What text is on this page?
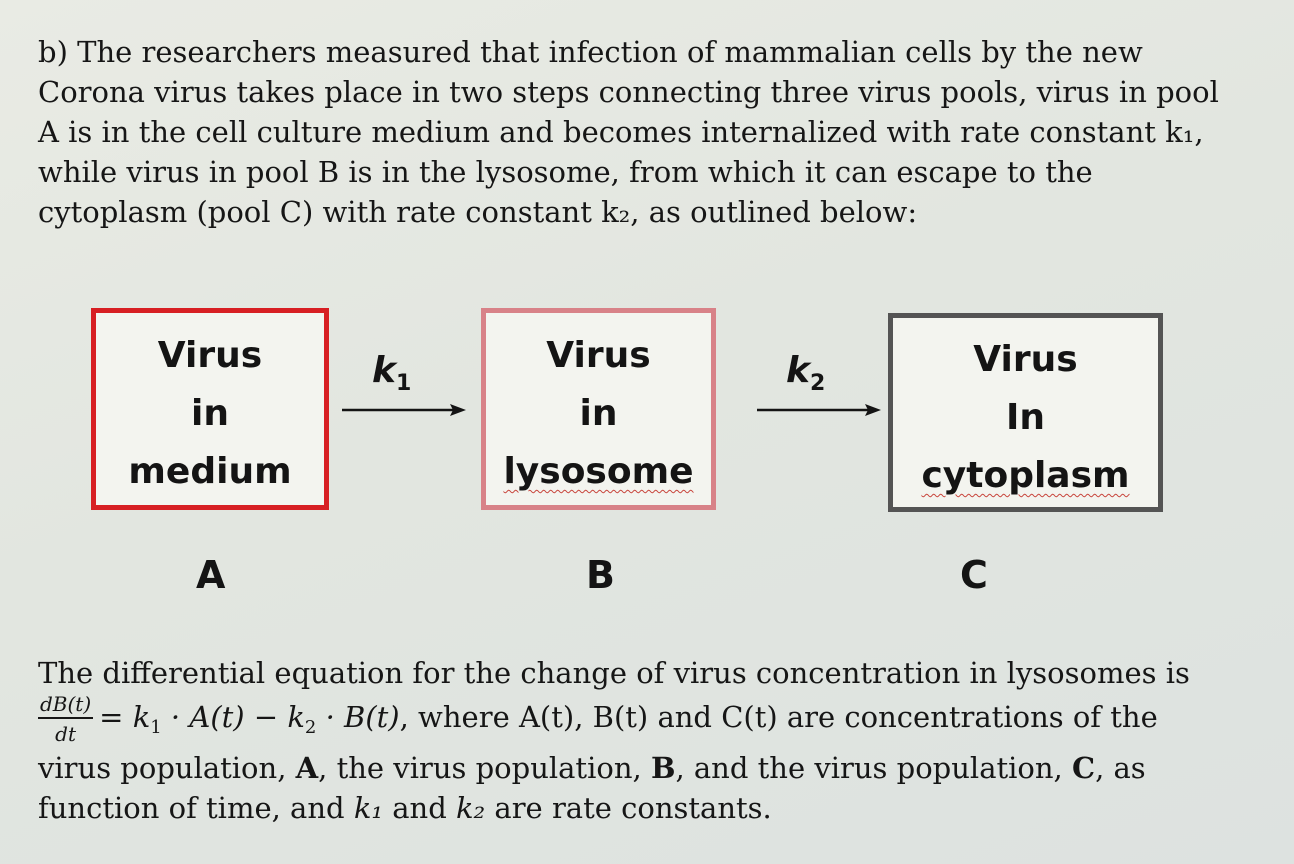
b) The researchers measured that infection of mammalian cells by the new
Corona virus takes place in two steps connecting three virus pools, virus in pool
A is in the cell culture medium and becomes internalized with rate constant k₁,
while virus in pool B is in the lysosome, from which it can escape to the
cytoplasm (pool C) with rate constant k₂, as outlined below:
Virus
in
medium
$k_1$
Virus
in
lysosome
$k_2$
Virus
In
cytoplasm
A	B	C
The differential equation for the change of virus concentration in lysosomes is
$\frac{dB(t)}{dt} = k_1 \cdot A(t) - k_2 \cdot B(t)$, where A(t), B(t) and C(t) are concentrations of the
virus population, A, the virus population, B, and the virus population, C, as
function of time, and k₁ and k₂ are rate constants.
